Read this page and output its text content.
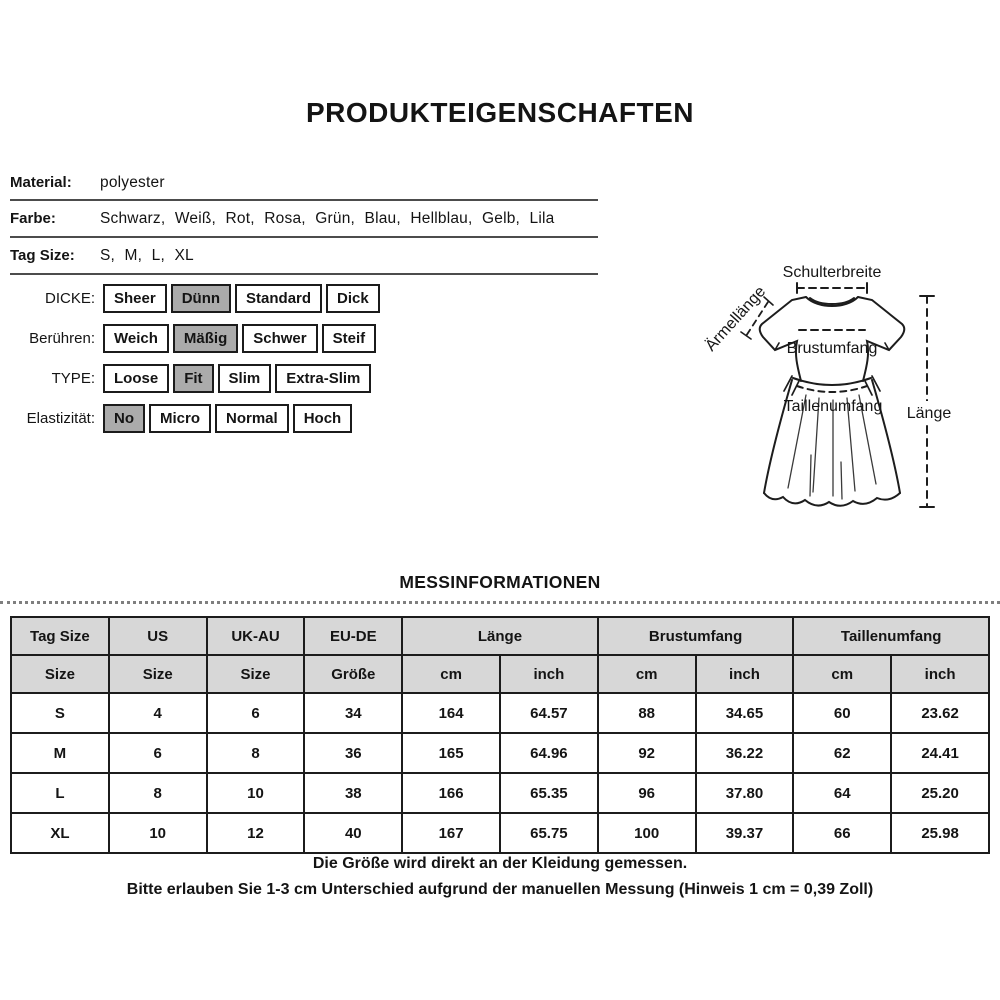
PRODUKTEIGENSCHAFTEN
Material:	polyester
Farbe:	Schwarz, Weiß, Rot, Rosa, Grün, Blau, Hellblau, Gelb, Lila
Tag Size:	S, M, L, XL
DICKE:	Sheer	Dünn	Standard	Dick
Berühren:	Weich	Mäßig	Schwer	Steif
TYPE:	Loose	Fit	Slim	Extra-Slim
Elastizität:	No	Micro	Normal	Hoch
Schulterbreite
Ärmellänge Brustumfang
Taillenumfang Länge
MESSINFORMATIONEN
Tag Size	US	UK-AU	EU-DE	Länge		Brustumfang		Taillenumfang	
Size	Size	Size	Größe	cm	inch	cm	inch	cm	inch
S	4	6	34	164	64.57	88	34.65	60	23.62
M	6	8	36	165	64.96	92	36.22	62	24.41
L	8	10	38	166	65.35	96	37.80	64	25.20
XL	10	12	40	167	65.75	100	39.37	66	25.98

Die Größe wird direkt an der Kleidung gemessen.

Bitte erlauben Sie 1-3 cm Unterschied aufgrund der manuellen Messung (Hinweis 1 cm = 0,39 Zoll)
